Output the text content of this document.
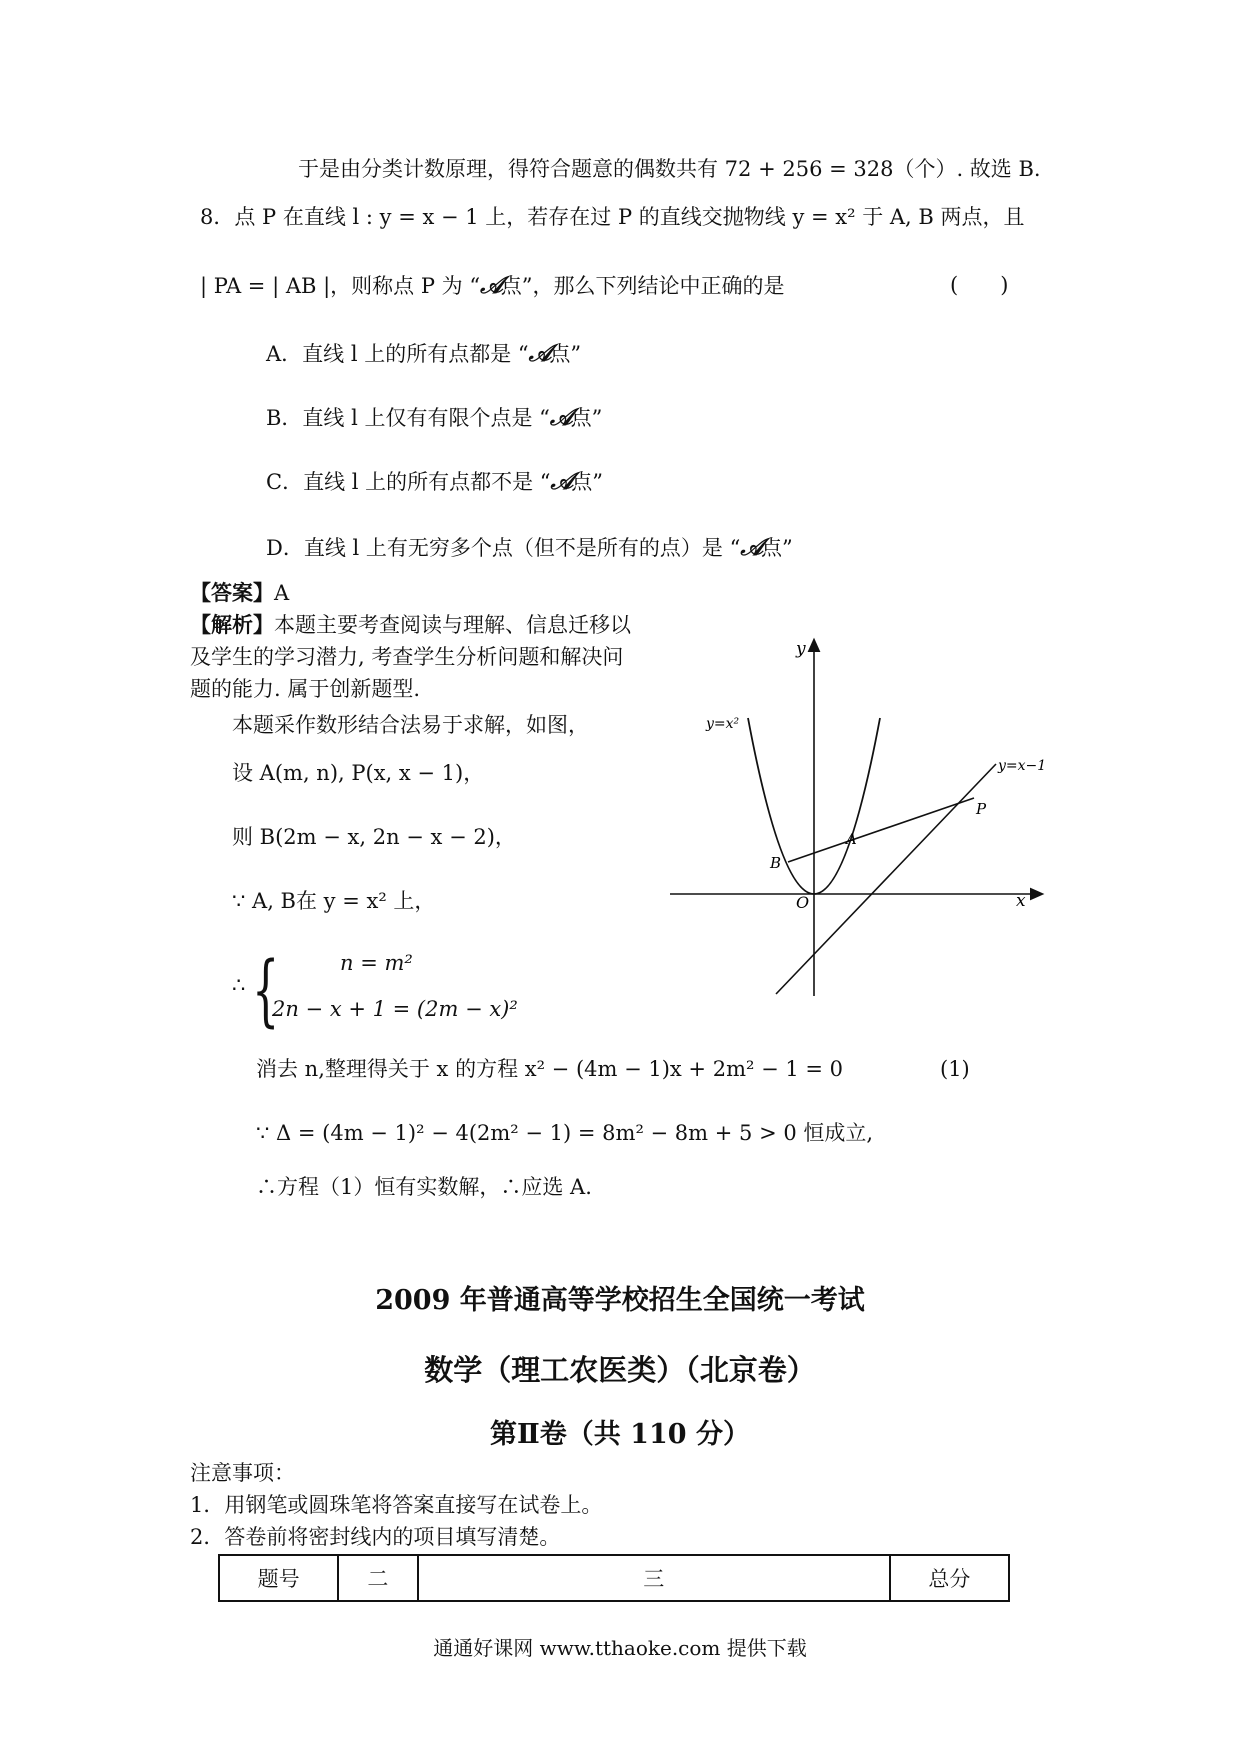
于是由分类计数原理，得符合题意的偶数共有 72 + 256 = 328（个）. 故选 B.
8．点 P 在直线 l : y = x − 1 上，若存在过 P 的直线交抛物线 y = x² 于 A, B 两点，且
| PA = | AB |，则称点 P 为 “𝒜点”，那么下列结论中正确的是	(　　)
A．直线 l 上的所有点都是 “𝒜点”
B．直线 l 上仅有有限个点是 “𝒜点”
C．直线 l 上的所有点都不是 “𝒜点”
D．直线 l 上有无穷多个点（但不是所有的点）是 “𝒜点”
【答案】A
【解析】本题主要考查阅读与理解、信息迁移以
及学生的学习潜力, 考查学生分析问题和解决问
题的能力. 属于创新题型.
本题采作数形结合法易于求解，如图，
设 A(m, n), P(x, x − 1)，
则 B(2m − x, 2n − x − 2)，
∵ A, B在 y = x² 上，
∴ {	n = m²
2n − x + 1 = (2m − x)²
消去 n,整理得关于 x 的方程 x² − (4m − 1)x + 2m² − 1 = 0	(1)
∵ Δ = (4m − 1)² − 4(2m² − 1) = 8m² − 8m + 5 > 0 恒成立,
∴方程（1）恒有实数解，∴应选 A.
y
x
O
y=x²
y=x−1
P
A
B
2009 年普通高等学校招生全国统一考试
数学（理工农医类）（北京卷）
第Ⅱ卷（共 110 分）
注意事项：
1．用钢笔或圆珠笔将答案直接写在试卷上。
2．答卷前将密封线内的项目填写清楚。
题号	二	三	总分
通通好课网 www.tthaoke.com 提供下载
